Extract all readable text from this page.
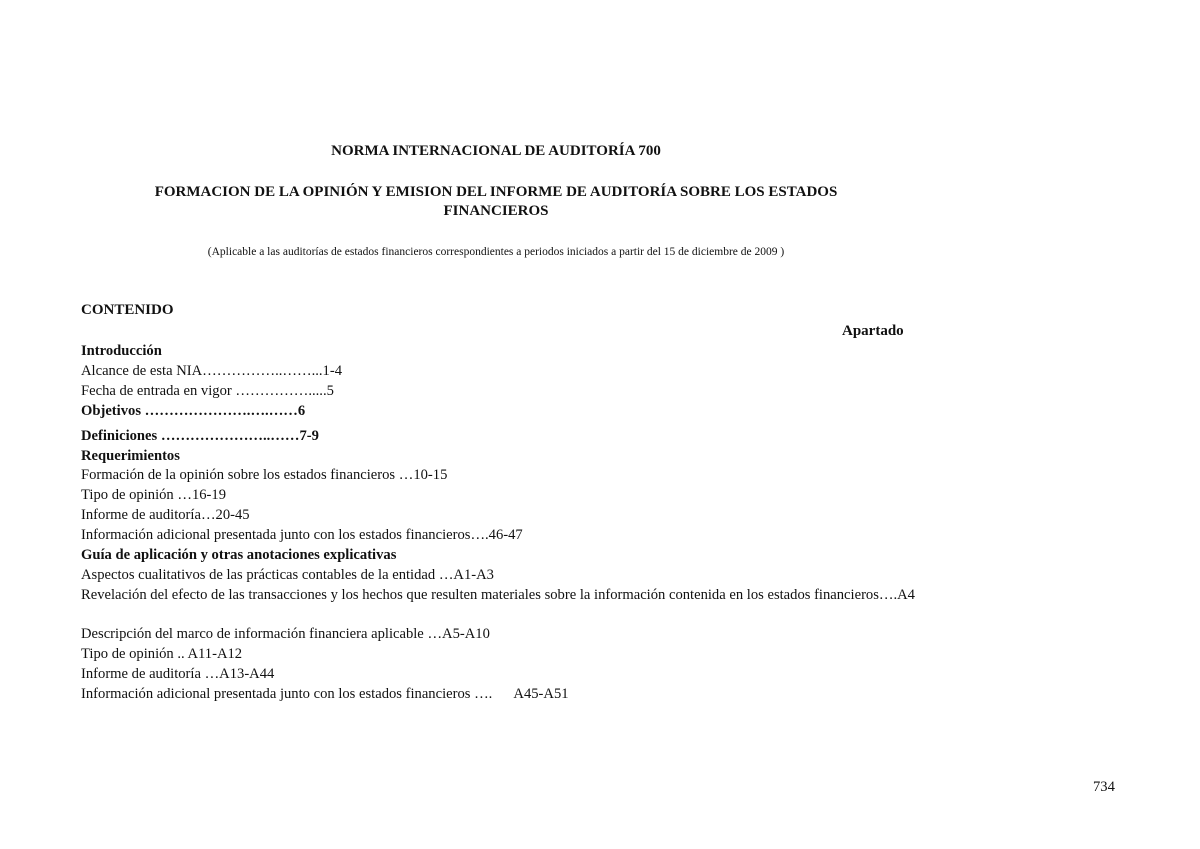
NORMA INTERNACIONAL DE AUDITORÍA 700
FORMACION DE LA OPINIÓN Y EMISION DEL INFORME DE AUDITORÍA SOBRE LOS ESTADOS
FINANCIEROS
(Aplicable a las auditorías de estados financieros correspondientes a periodos iniciados a partir del 15 de diciembre de 2009 )
CONTENIDO
Apartado
Introducción
Alcance de esta NIA……………..……...1-4
Fecha de entrada en vigor …………….....5
Objetivos ………………….….……6
Definiciones …………………..……7-9
Requerimientos
Formación de la opinión sobre los estados financieros …10-15
Tipo de opinión …16-19
Informe de auditoría…20-45
Información adicional presentada junto con los estados financieros….46-47
Guía de aplicación y otras anotaciones explicativas
Aspectos cualitativos de las prácticas contables de la entidad …A1-A3
Revelación del efecto de las transacciones y los hechos que resulten materiales sobre la información contenida en los estados financieros….A4
Descripción del marco de información financiera aplicable …A5-A10
Tipo de opinión .. A11-A12
Informe de auditoría …A13-A44
Información adicional presentada junto con los estados financieros ….      A45-A51
734
